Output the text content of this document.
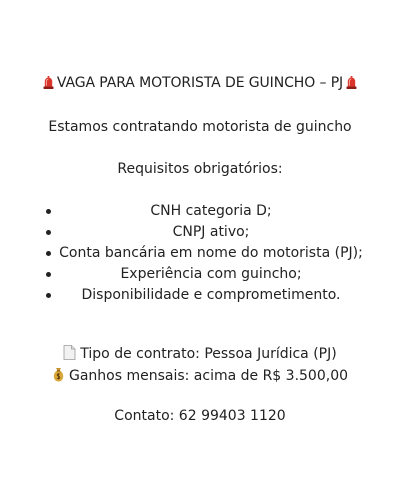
VAGA PARA MOTORISTA DE GUINCHO – PJ
Estamos contratando motorista de guincho
Requisitos obrigatórios:
CNH categoria D;
CNPJ ativo;
Conta bancária em nome do motorista (PJ);
Experiência com guincho;
Disponibilidade e comprometimento.
Tipo de contrato: Pessoa Jurídica (PJ)
Ganhos mensais: acima de R$ 3.500,00
Contato: 62 99403 1120
